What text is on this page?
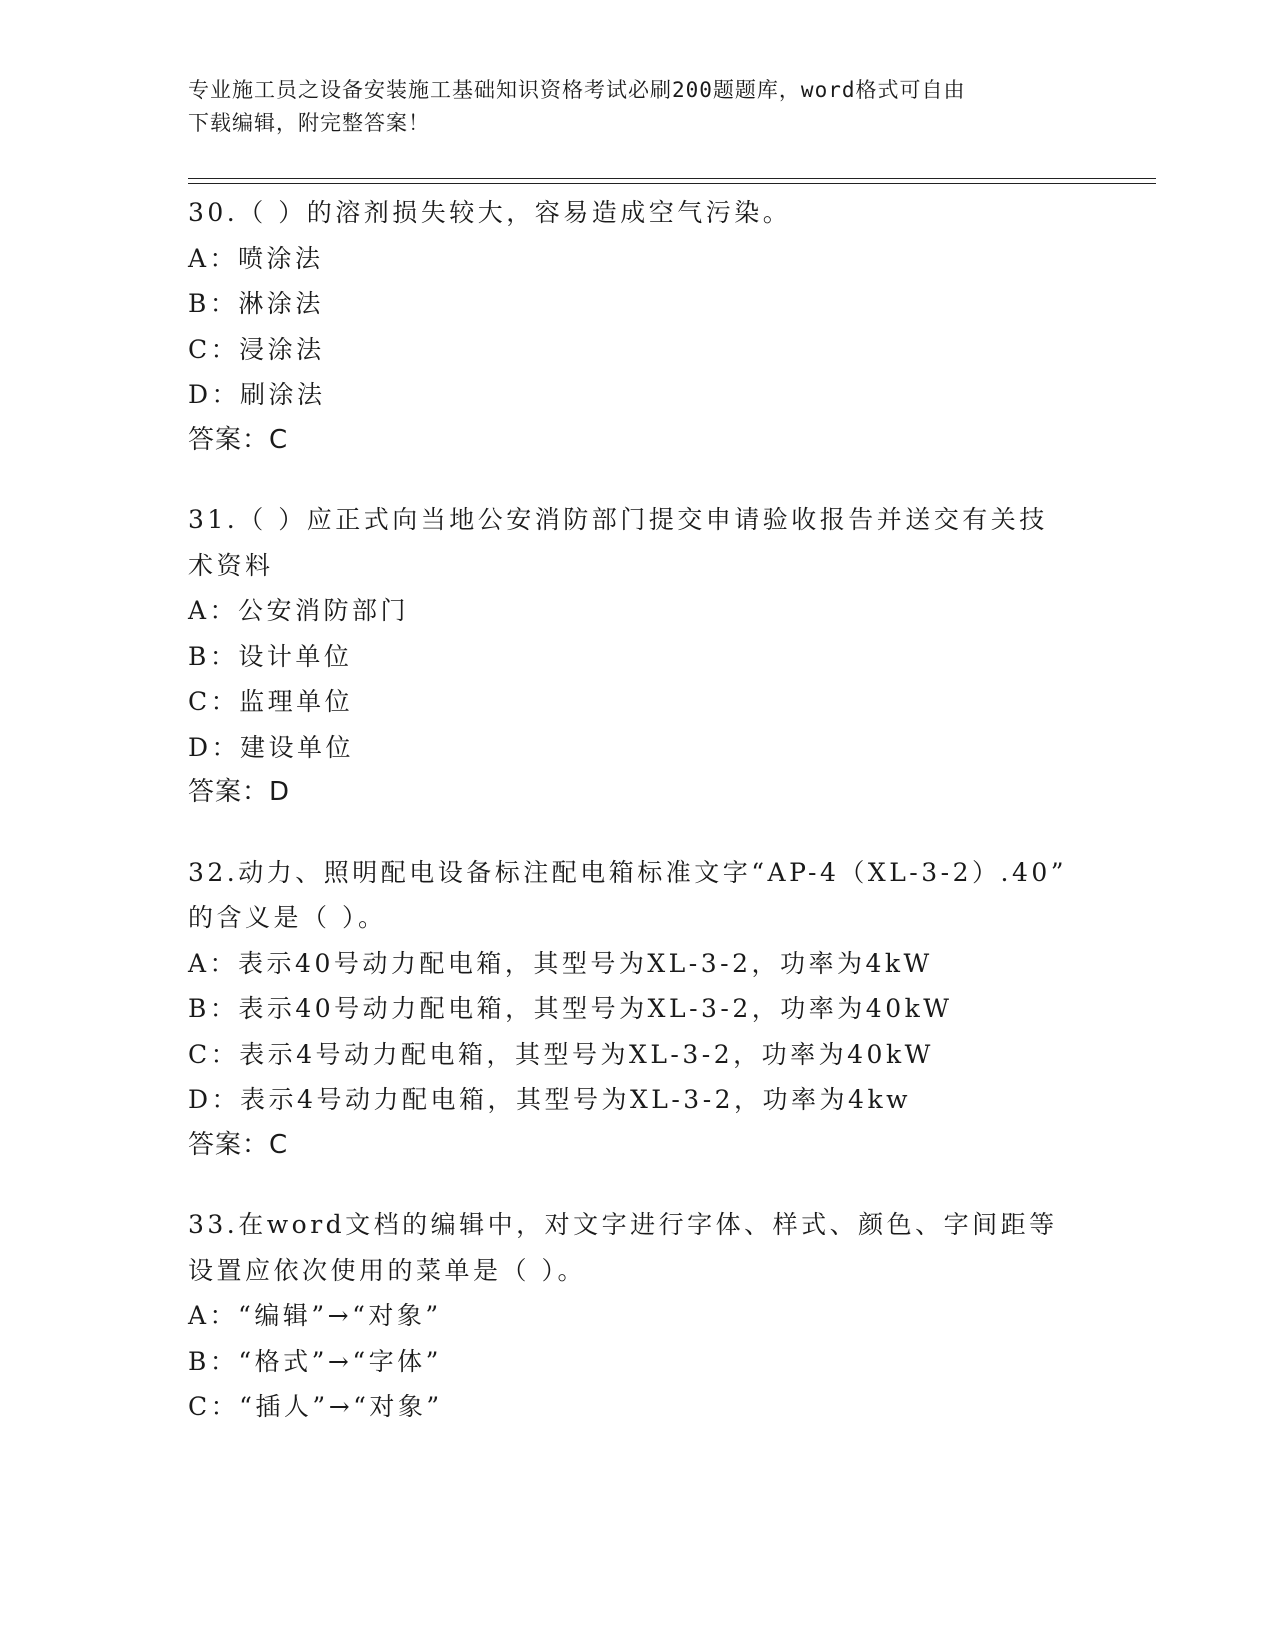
专业施工员之设备安装施工基础知识资格考试必刷200题题库，word格式可自由
下载编辑，附完整答案！
30.（ ）的溶剂损失较大，容易造成空气污染。
A：喷涂法
B：淋涂法
C：浸涂法
D：刷涂法
答案：C
31.（ ）应正式向当地公安消防部门提交申请验收报告并送交有关技
术资料
A：公安消防部门
B：设计单位
C：监理单位
D：建设单位
答案：D
32.动力、照明配电设备标注配电箱标准文字“AP-4（XL-3-2）.40”
的含义是（ ）。
A：表示40号动力配电箱，其型号为XL-3-2，功率为4kW
B：表示40号动力配电箱，其型号为XL-3-2，功率为40kW
C：表示4号动力配电箱，其型号为XL-3-2，功率为40kW
D：表示4号动力配电箱，其型号为XL-3-2，功率为4kw
答案：C
33.在word文档的编辑中，对文字进行字体、样式、颜色、字间距等
设置应依次使用的菜单是（ ）。
A：“编辑”→“对象”
B：“格式”→“字体”
C：“插人”→“对象”
